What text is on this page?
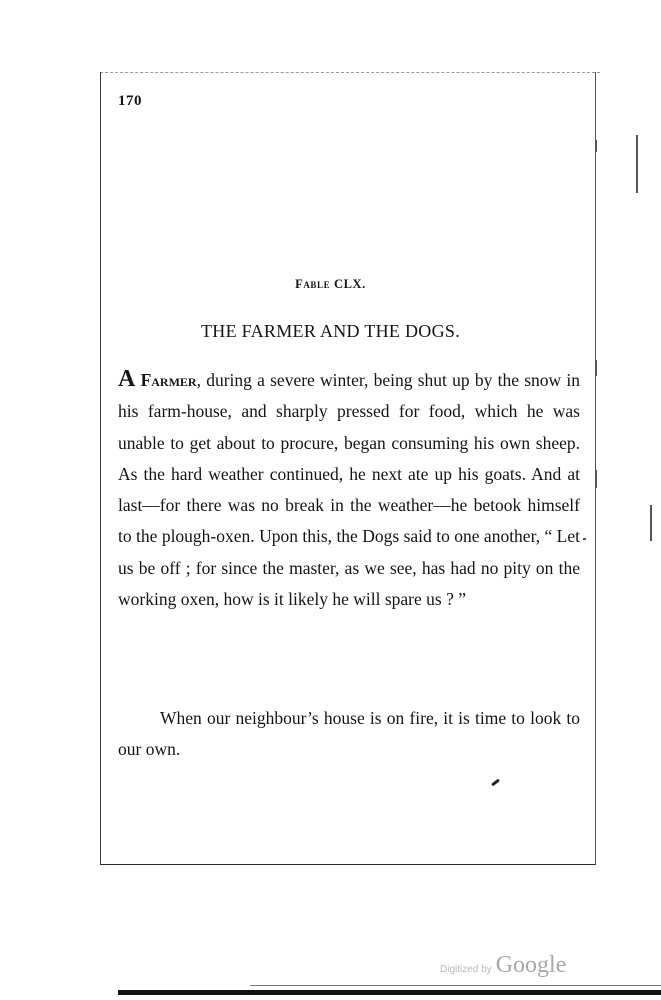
170
Fable CLX.
THE FARMER AND THE DOGS.

A Farmer, during a severe winter, being shut up by the snow in his farm-house, and sharply pressed for food, which he was unable to get about to procure, began consuming his own sheep. As the hard weather continued, he next ate up his goats. And at last—for there was no break in the weather—he betook himself to the plough-oxen. Upon this, the Dogs said to one another, “ Let us be off ; for since the master, as we see, has had no pity on the working oxen, how is it likely he will spare us ? ”

When our neighbour’s house is on fire, it is time to look to our own.

Digitized by Google
